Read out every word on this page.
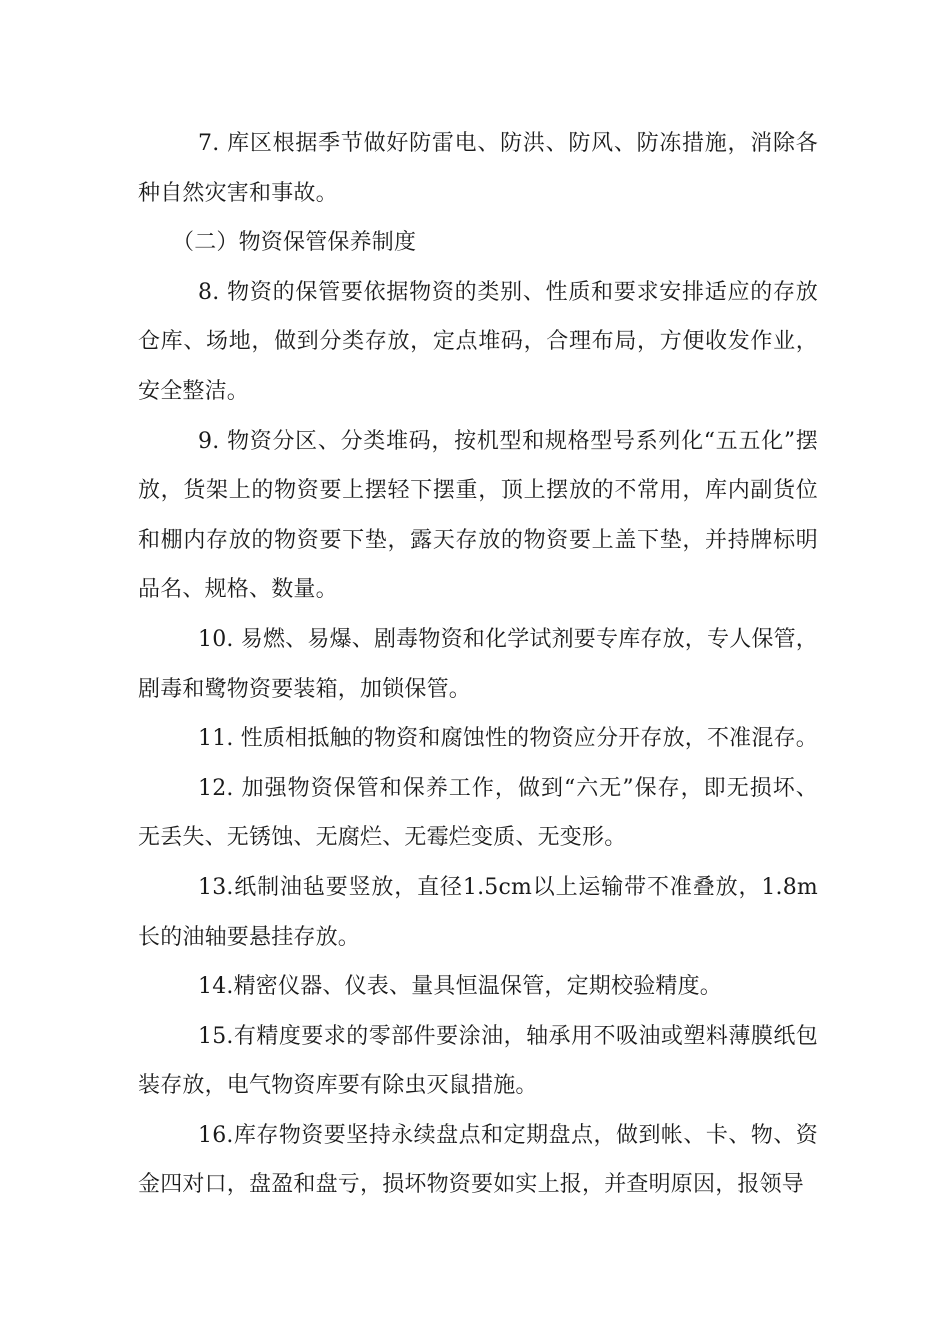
7. 库区根据季节做好防雷电、防洪、防风、防冻措施，消除各种自然灾害和事故。

（二）物资保管保养制度

8. 物资的保管要依据物资的类别、性质和要求安排适应的存放仓库、场地，做到分类存放，定点堆码，合理布局，方便收发作业，安全整洁。

9. 物资分区、分类堆码，按机型和规格型号系列化“五五化”摆放，货架上的物资要上摆轻下摆重，顶上摆放的不常用，库内副货位和棚内存放的物资要下垫，露天存放的物资要上盖下垫，并持牌标明品名、规格、数量。

10. 易燃、易爆、剧毒物资和化学试剂要专库存放，专人保管，剧毒和鹭物资要装箱，加锁保管。

11. 性质相抵触的物资和腐蚀性的物资应分开存放，不准混存。

12. 加强物资保管和保养工作，做到“六无”保存，即无损坏、无丢失、无锈蚀、无腐烂、无霉烂变质、无变形。

13.纸制油毡要竖放，直径1.5cm以上运输带不准叠放，1.8m长的油轴要悬挂存放。

14.精密仪器、仪表、量具恒温保管，定期校验精度。

15.有精度要求的零部件要涂油，轴承用不吸油或塑料薄膜纸包装存放，电气物资库要有除虫灭鼠措施。

16.库存物资要坚持永续盘点和定期盘点，做到帐、卡、物、资金四对口，盘盈和盘亏，损坏物资要如实上报，并查明原因，报领导
